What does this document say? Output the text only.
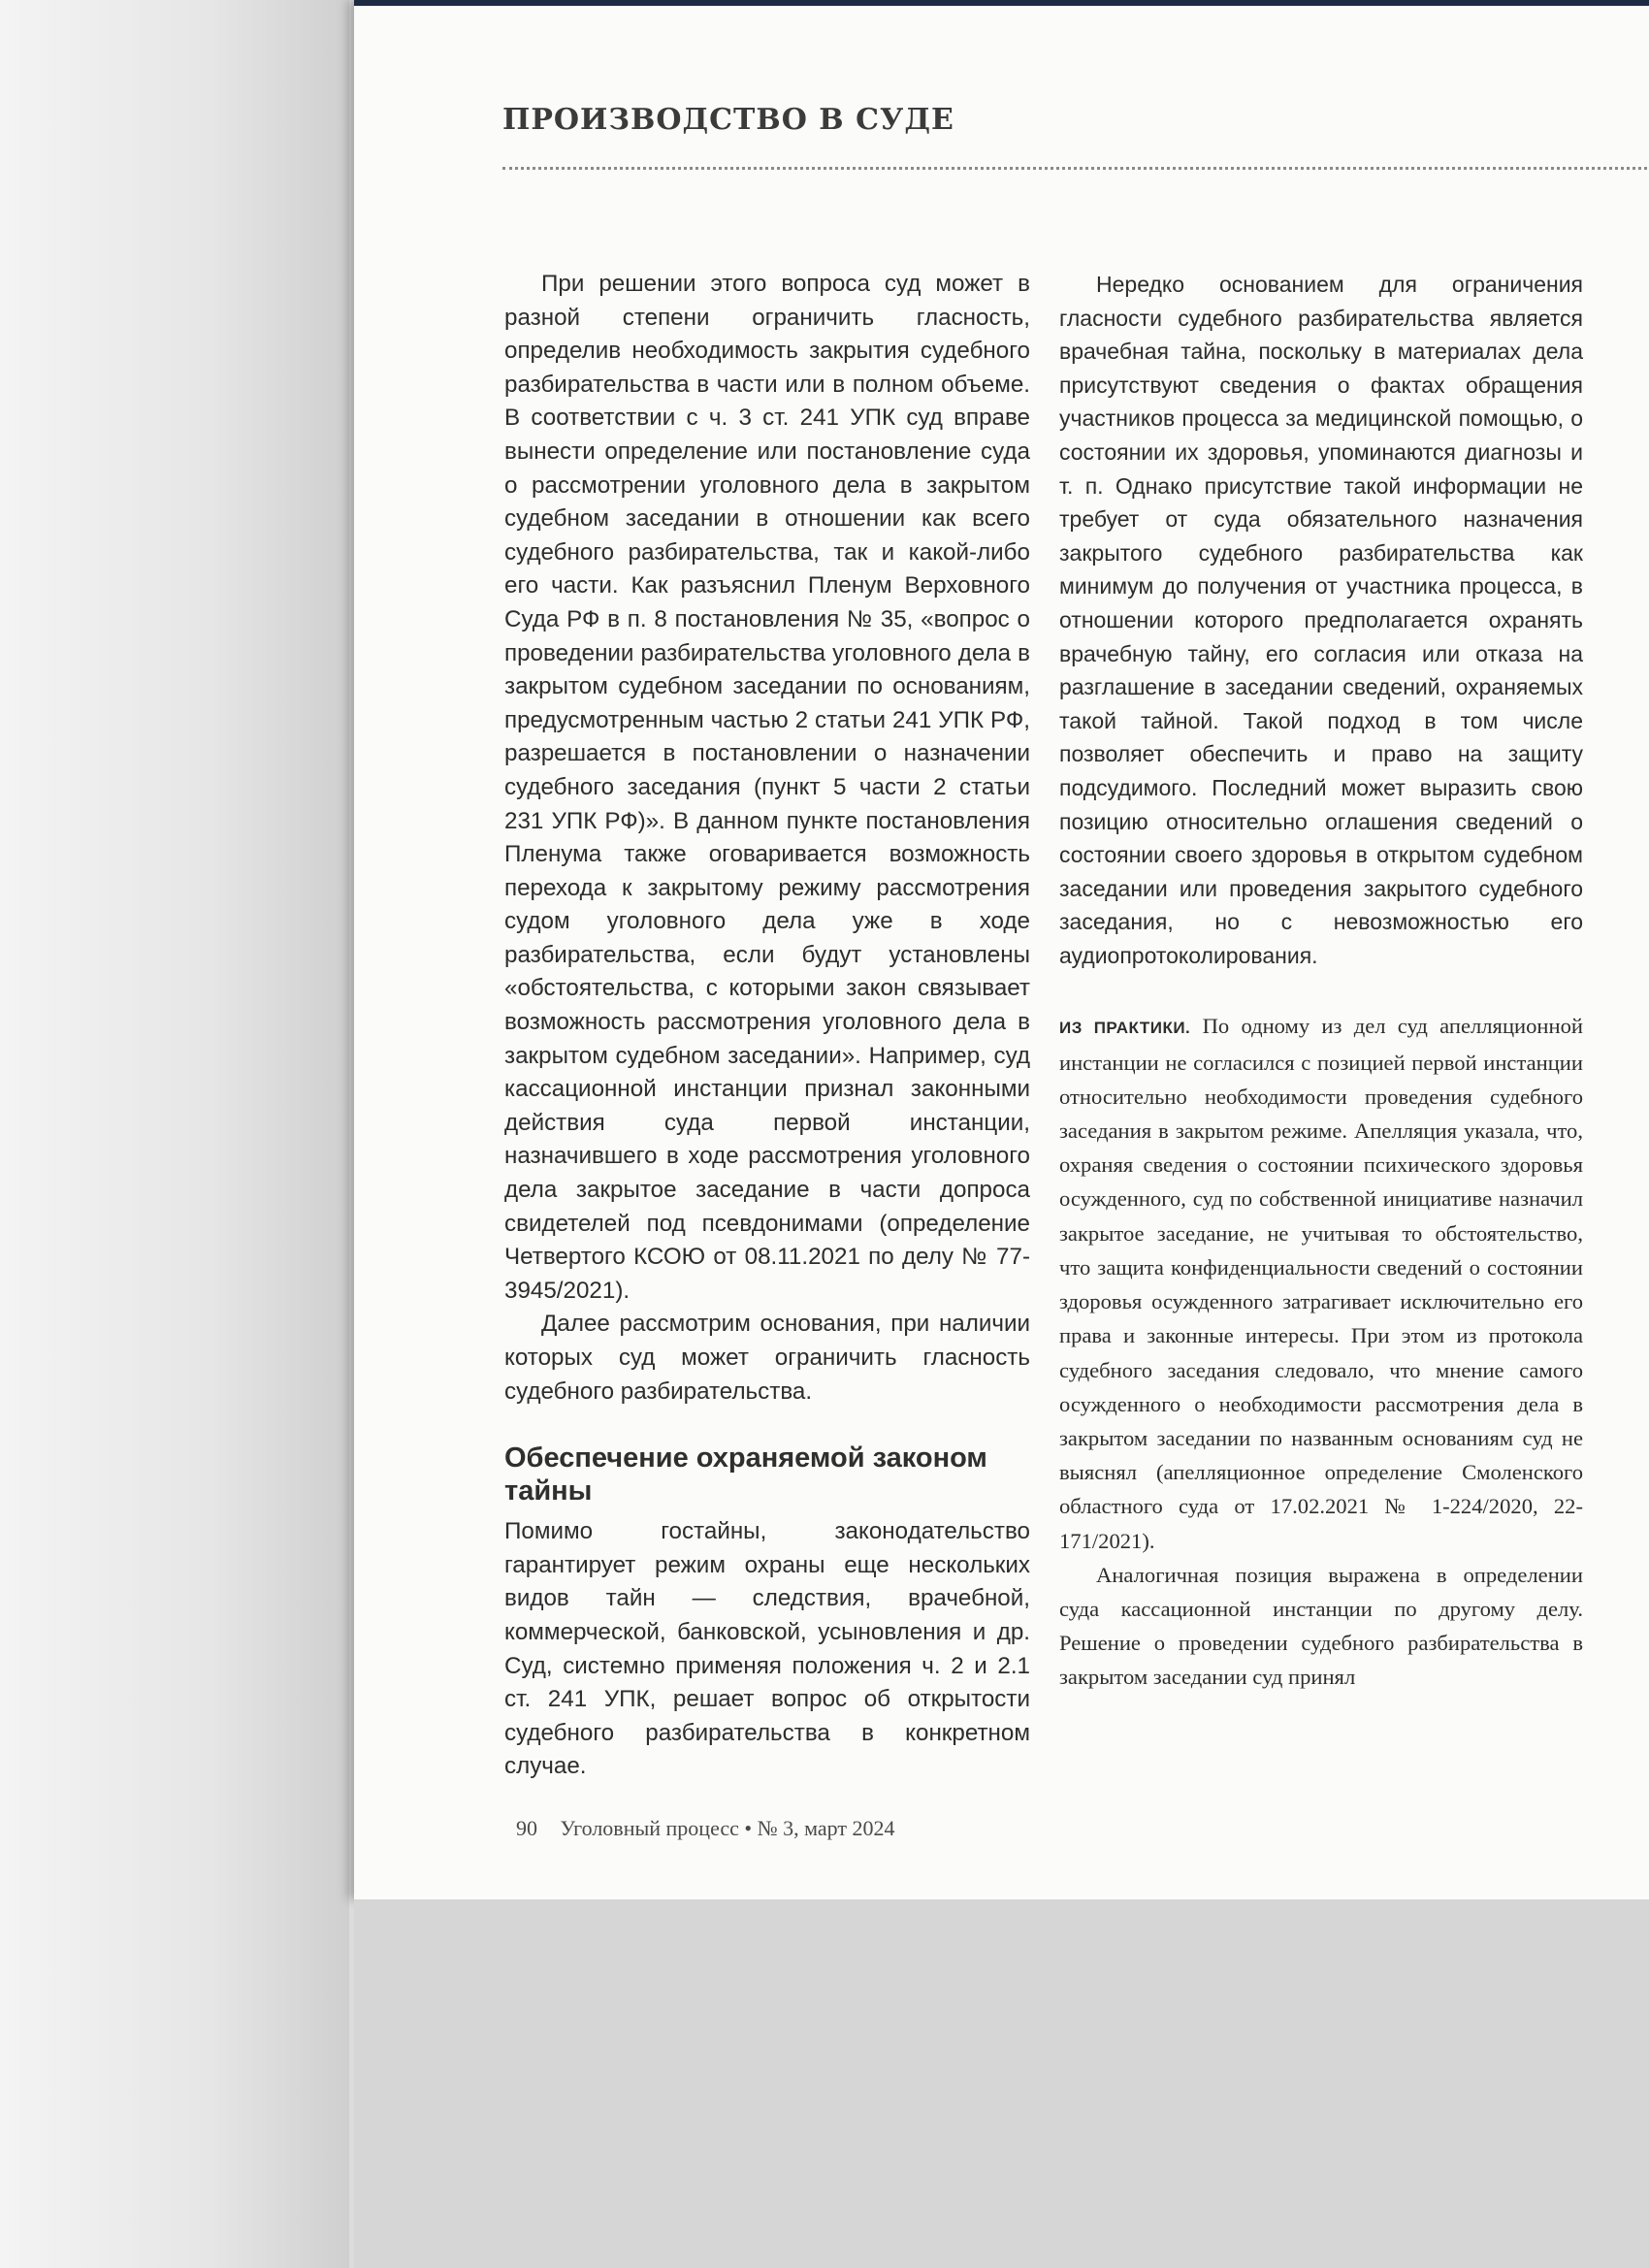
ПРОИЗВОДСТВО В СУДЕ

При решении этого вопроса суд может в разной степени ограничить гласность, определив необходимость закрытия судебного разбирательства в части или в полном объеме. В соответствии с ч. 3 ст. 241 УПК суд вправе вынести определение или постановление суда о рассмотрении уголовного дела в закрытом судебном заседании в отношении как всего судебного разбирательства, так и какой-либо его части. Как разъяснил Пленум Верховного Суда РФ в п. 8 постановления № 35, «вопрос о проведении разбирательства уголовного дела в закрытом судебном заседании по основаниям, предусмотренным частью 2 статьи 241 УПК РФ, разрешается в постановлении о назначении судебного заседания (пункт 5 части 2 статьи 231 УПК РФ)». В данном пункте постановления Пленума также оговаривается возможность перехода к закрытому режиму рассмотрения судом уголовного дела уже в ходе разбирательства, если будут установлены «обстоятельства, с которыми закон связывает возможность рассмотрения уголовного дела в закрытом судебном заседании». Например, суд кассационной инстанции признал законными действия суда первой инстанции, назначившего в ходе рассмотрения уголовного дела закрытое заседание в части допроса свидетелей под псевдонимами (определение Четвертого КСОЮ от 08.11.2021 по делу № 77-3945/2021).

Далее рассмотрим основания, при наличии которых суд может ограничить гласность судебного разбирательства.

Обеспечение охраняемой законом тайны

Помимо гостайны, законодательство гарантирует режим охраны еще нескольких видов тайн — следствия, врачебной, коммерческой, банковской, усыновления и др. Суд, системно применяя положения ч. 2 и 2.1 ст. 241 УПК, решает вопрос об открытости судебного разбирательства в конкретном случае.

Нередко основанием для ограничения гласности судебного разбирательства является врачебная тайна, поскольку в материалах дела присутствуют сведения о фактах обращения участников процесса за медицинской помощью, о состоянии их здоровья, упоминаются диагнозы и т. п. Однако присутствие такой информации не требует от суда обязательного назначения закрытого судебного разбирательства как минимум до получения от участника процесса, в отношении которого предполагается охранять врачебную тайну, его согласия или отказа на разглашение в заседании сведений, охраняемых такой тайной. Такой подход в том числе позволяет обеспечить и право на защиту подсудимого. Последний может выразить свою позицию относительно оглашения сведений о состоянии своего здоровья в открытом судебном заседании или проведения закрытого судебного заседания, но с невозможностью его аудиопротоколирования.

ИЗ ПРАКТИКИ. По одному из дел суд апелляционной инстанции не согласился с позицией первой инстанции относительно необходимости проведения судебного заседания в закрытом режиме. Апелляция указала, что, охраняя сведения о состоянии психического здоровья осужденного, суд по собственной инициативе назначил закрытое заседание, не учитывая то обстоятельство, что защита конфиденциальности сведений о состоянии здоровья осужденного затрагивает исключительно его права и законные интересы. При этом из протокола судебного заседания следовало, что мнение самого осужденного о необходимости рассмотрения дела в закрытом заседании по названным основаниям суд не выяснял (апелляционное определение Смоленского областного суда от 17.02.2021 № 1-224/2020, 22-171/2021).

Аналогичная позиция выражена в определении суда кассационной инстанции по другому делу. Решение о проведении судебного разбирательства в закрытом заседании суд принял

90 Уголовный процесс • № 3, март 2024
